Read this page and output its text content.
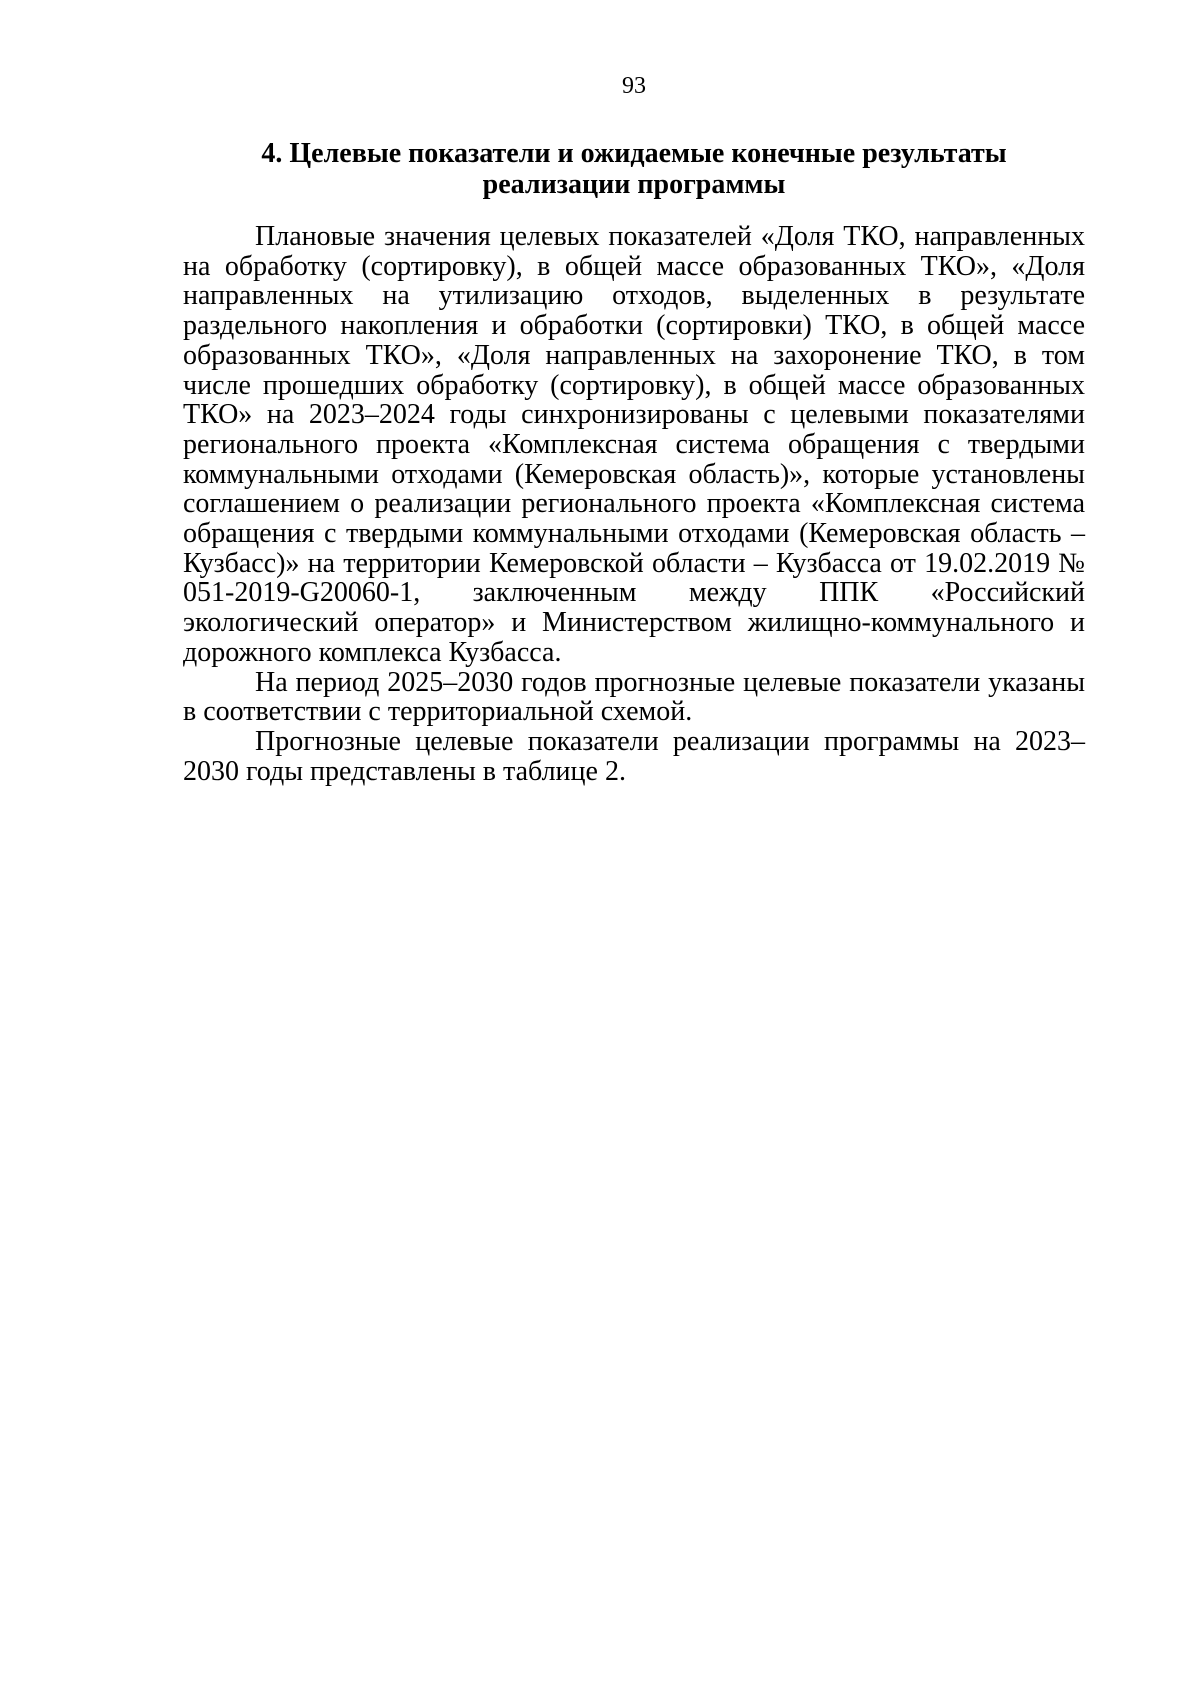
93
4. Целевые показатели и ожидаемые конечные результаты
реализации программы

Плановые значения целевых показателей «Доля ТКО, направленных на обработку (сортировку), в общей массе образованных ТКО», «Доля направленных на утилизацию отходов, выделенных в результате раздельного накопления и обработки (сортировки) ТКО, в общей массе образованных ТКО», «Доля направленных на захоронение ТКО, в том числе прошедших обработку (сортировку), в общей массе образованных ТКО» на 2023–2024 годы синхронизированы с целевыми показателями регионального проекта «Комплексная система обращения с твердыми коммунальными отходами (Кемеровская область)», которые установлены соглашением о реализации регионального проекта «Комплексная система обращения с твердыми коммунальными отходами (Кемеровская область – Кузбасс)» на территории Кемеровской области – Кузбасса от 19.02.2019 № 051-2019-G20060-1, заключенным между ППК «Российский экологический оператор» и Министерством жилищно-коммунального и дорожного комплекса Кузбасса.

На период 2025–2030 годов прогнозные целевые показатели указаны в соответствии с территориальной схемой.

Прогнозные целевые показатели реализации программы на 2023–2030 годы представлены в таблице 2.
